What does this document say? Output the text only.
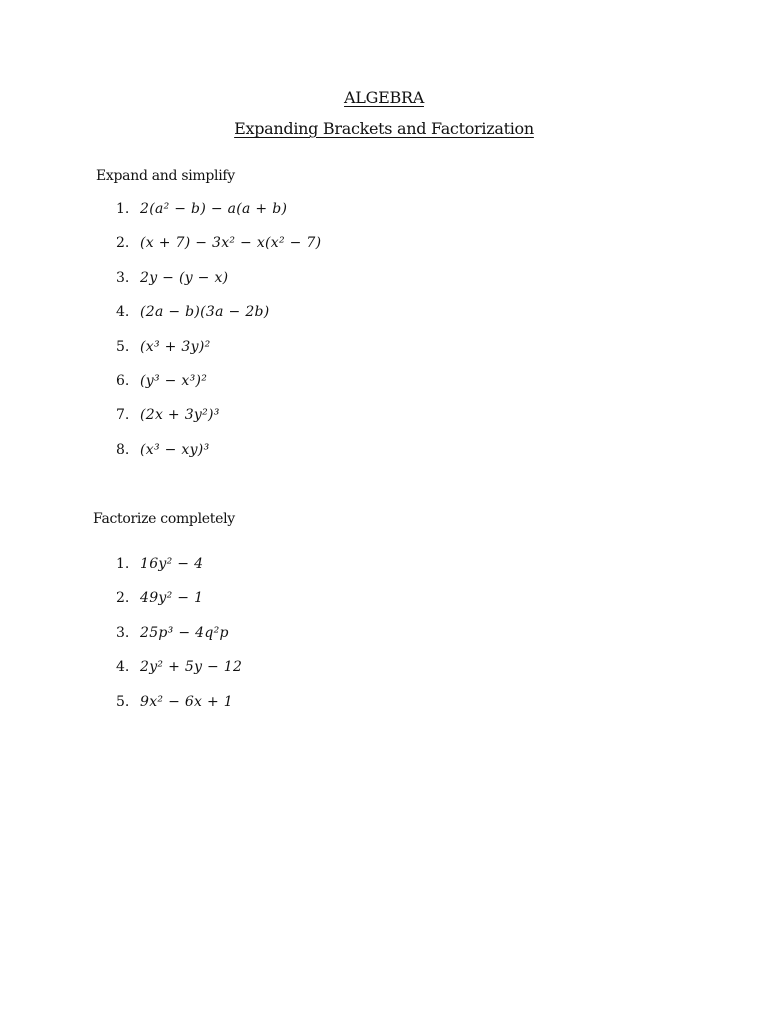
ALGEBRA
Expanding Brackets and Factorization
Expand and simplify
1. 2(a² − b) − a(a + b)
2. (x + 7) − 3x² − x(x² − 7)
3. 2y − (y − x)
4. (2a − b)(3a − 2b)
5. (x³ + 3y)²
6. (y³ − x³)²
7. (2x + 3y²)³
8. (x³ − xy)³
Factorize completely
1. 16y² − 4
2. 49y² − 1
3. 25p³ − 4q²p
4. 2y² + 5y − 12
5. 9x² − 6x + 1
